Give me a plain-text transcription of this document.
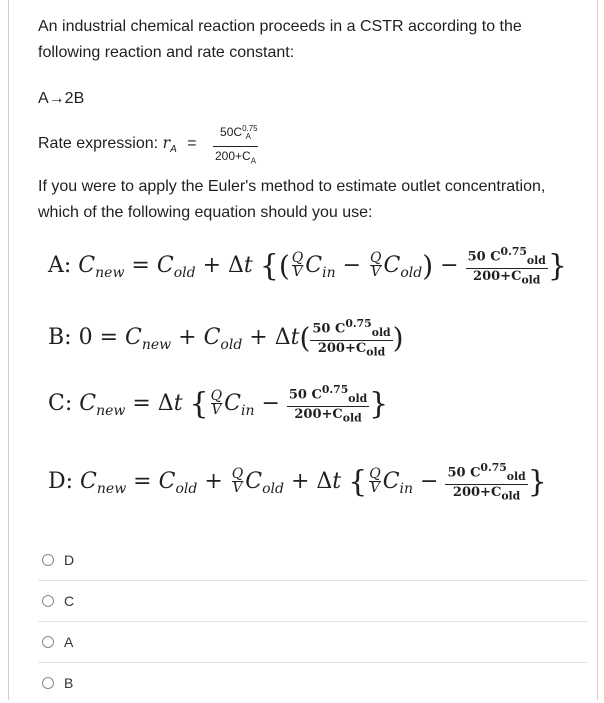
An industrial chemical reaction proceeds in a CSTR according to the following reaction and rate constant:
A→2B
Rate expression: $r_A$ =	$\frac{50C^{0.75}_A}{200+C_A}$
If you were to apply the Euler's method to estimate outlet concentration, which of the following equation should you use:
A: $C_{new} = C_{old} + \Delta t$ {( $\frac{Q}{V} C_{in} - \frac{Q}{V} C_{old}) - \frac{50 C^{0.75}_{old}}{200+C_{old}}$ }
B: $0 = C_{new} + C_{old} + \Delta t( \frac{50 C^{0.75}_{old}}{200+C_{old}}$ )
C: $C_{new} = \Delta t$ { $\frac{Q}{V} C_{in} - \frac{50 C^{0.75}_{old}}{200+C_{old}}$ }
D: $C_{new} = C_{old} + \frac{Q}{V} C_{old} + \Delta t$ { $\frac{Q}{V} C_{in} - \frac{50 C^{0.75}_{old}}{200+C_{old}}$ }
D
C
A
B
